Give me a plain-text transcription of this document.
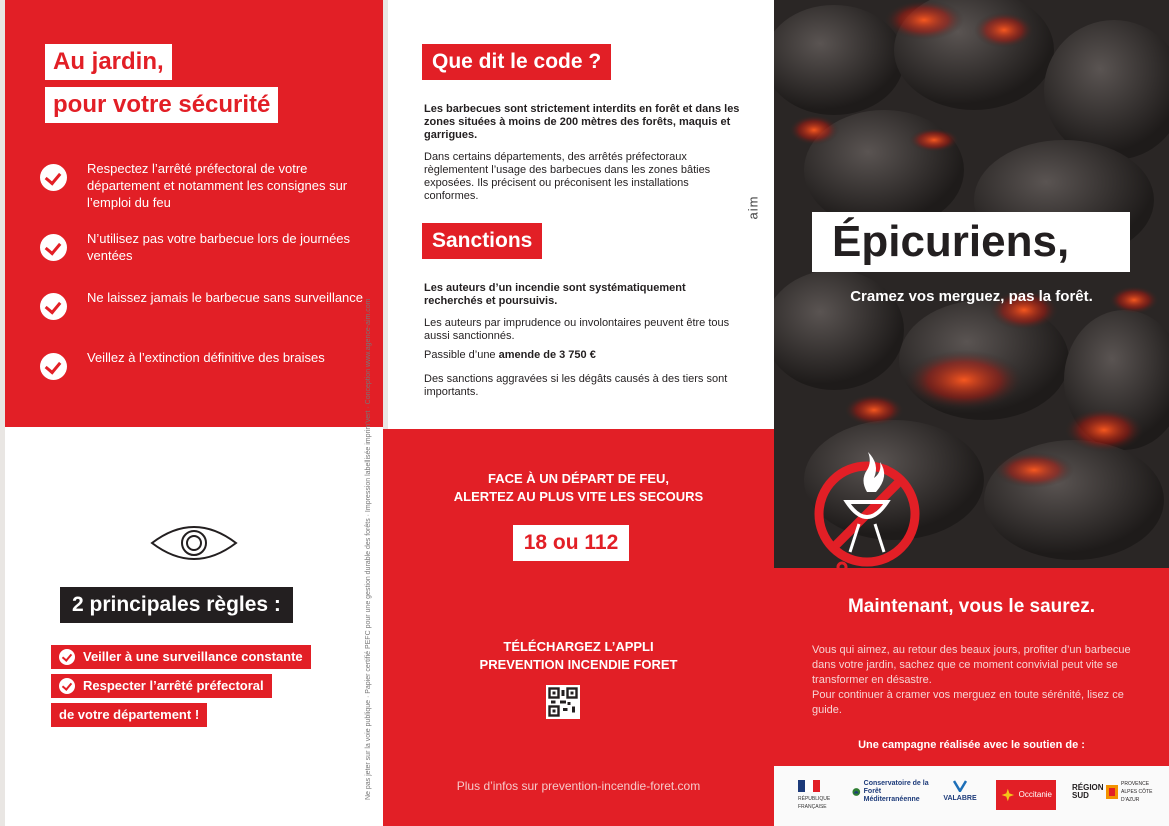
Au jardin,
pour votre sécurité
Respectez l’arrêté préfectoral de votre département et notamment les consignes sur l’emploi du feu
N’utilisez pas votre barbecue lors de journées ventées
Ne laissez jamais le barbecue sans surveillance
Veillez à l’extinction définitive des braises
2 principales règles :
Veiller à une surveillance constante
Respecter l’arrêté préfectoral
de votre département !
Que dit le code ?
Les barbecues sont strictement interdits en forêt et dans les zones situées à moins de 200 mètres des forêts, maquis et garrigues.
Dans certains départements, des arrêtés préfectoraux règlementent l’usage des barbecues dans les zones bâties exposées. Ils précisent ou préconisent les installations conformes.
Sanctions
Les auteurs d’un incendie sont systématiquement recherchés et poursuivis.
Les auteurs par imprudence ou involontaires peuvent être tous aussi sanctionnés.
Passible d’une amende de 3 750 €
Des sanctions aggravées si les dégâts causés à des tiers sont importants.
aim
FACE À UN DÉPART DE FEU,
ALERTEZ AU PLUS VITE LES SECOURS
18 ou 112
TÉLÉCHARGEZ L’APPLI
PREVENTION INCENDIE FORET
Plus d’infos sur prevention-incendie-foret.com
Ne pas jeter sur la voie publique · Papier certifié PEFC pour une gestion durable des forêts · Impression labellisée imprim’vert · Conception www.agence-aim.com
Épicuriens,
Cramez vos merguez, pas la forêt.
Maintenant, vous le saurez.
Vous qui aimez, au retour des beaux jours, profiter d’un barbecue dans votre jardin, sachez que ce moment convivial peut vite se transformer en désastre.
Pour continuer à cramer vos merguez en toute sérénité, lisez ce guide.
Une campagne réalisée avec le soutien de :
RÉPUBLIQUE FRANÇAISE
Conservatoire de la Forêt Méditerranéenne	VALABRE	Occitanie
RÉGION SUD
PROVENCE ALPES CÔTE D’AZUR
